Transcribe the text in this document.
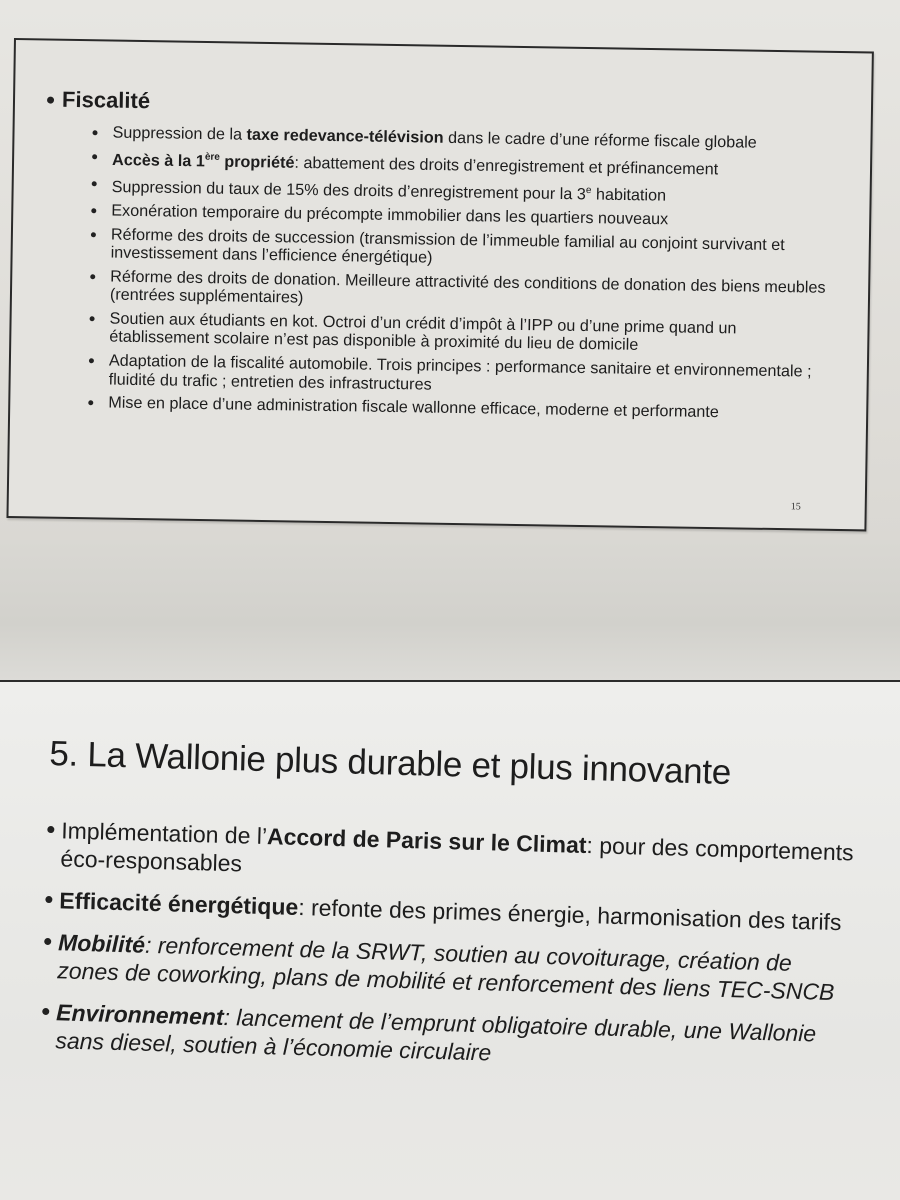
Fiscalité
Suppression de la taxe redevance-télévision dans le cadre d’une réforme fiscale globale
Accès à la 1ère propriété: abattement des droits d’enregistrement et préfinancement
Suppression du taux de 15% des droits d’enregistrement pour la 3e habitation
Exonération temporaire du précompte immobilier dans les quartiers nouveaux
Réforme des droits de succession (transmission de l’immeuble familial au conjoint survivant et investissement dans l’efficience énergétique)
Réforme des droits de donation. Meilleure attractivité des conditions de donation des biens meubles (rentrées supplémentaires)
Soutien aux étudiants en kot. Octroi d’un crédit d’impôt à l’IPP ou d’une prime quand un établissement scolaire n’est pas disponible à proximité du lieu de domicile
Adaptation de la fiscalité automobile. Trois principes : performance sanitaire et environnementale ; fluidité du trafic ; entretien des infrastructures
Mise en place d’une administration fiscale wallonne efficace, moderne et performante
15
5. La Wallonie plus durable et plus innovante
Implémentation de l’Accord de Paris sur le Climat: pour des comportements éco-responsables
Efficacité énergétique: refonte des primes énergie, harmonisation des tarifs
Mobilité: renforcement de la SRWT, soutien au covoiturage, création de zones de coworking, plans de mobilité et renforcement des liens TEC-SNCB
Environnement: lancement de l’emprunt obligatoire durable, une Wallonie sans diesel, soutien à l’économie circulaire
